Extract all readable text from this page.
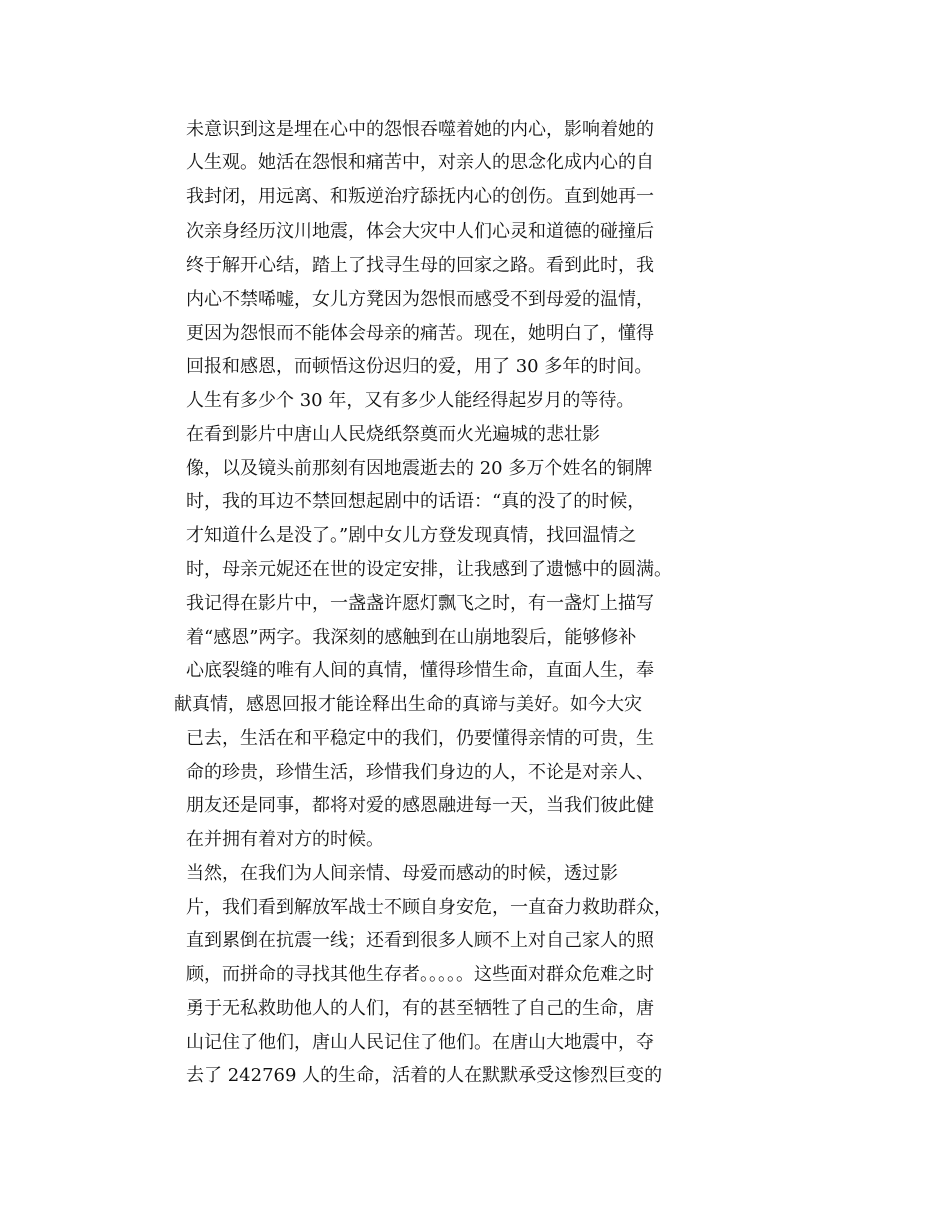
未意识到这是埋在心中的怨恨吞噬着她的内心，影响着她的
人生观。她活在怨恨和痛苦中，对亲人的思念化成内心的自
我封闭，用远离、和叛逆治疗舔抚内心的创伤。直到她再一
次亲身经历汶川地震，体会大灾中人们心灵和道德的碰撞后
终于解开心结，踏上了找寻生母的回家之路。看到此时，我
内心不禁唏嘘，女儿方凳因为怨恨而感受不到母爱的温情，
更因为怨恨而不能体会母亲的痛苦。现在，她明白了，懂得
回报和感恩，而顿悟这份迟归的爱，用了 30 多年的时间。
人生有多少个 30 年，又有多少人能经得起岁月的等待。
在看到影片中唐山人民烧纸祭奠而火光遍城的悲壮影
像，以及镜头前那刻有因地震逝去的 20 多万个姓名的铜牌
时，我的耳边不禁回想起剧中的话语：“真的没了的时候，
才知道什么是没了。”剧中女儿方登发现真情，找回温情之
时，母亲元妮还在世的设定安排，让我感到了遗憾中的圆满。
我记得在影片中，一盏盏许愿灯飘飞之时，有一盏灯上描写
着“感恩”两字。我深刻的感触到在山崩地裂后，能够修补
心底裂缝的唯有人间的真情，懂得珍惜生命，直面人生，奉
献真情，感恩回报才能诠释出生命的真谛与美好。如今大灾
已去，生活在和平稳定中的我们，仍要懂得亲情的可贵，生
命的珍贵，珍惜生活，珍惜我们身边的人，不论是对亲人、
朋友还是同事，都将对爱的感恩融进每一天，当我们彼此健
在并拥有着对方的时候。
当然，在我们为人间亲情、母爱而感动的时候，透过影
片，我们看到解放军战士不顾自身安危，一直奋力救助群众，
直到累倒在抗震一线；还看到很多人顾不上对自己家人的照
顾，而拼命的寻找其他生存者。。。。。这些面对群众危难之时
勇于无私救助他人的人们，有的甚至牺牲了自己的生命，唐
山记住了他们，唐山人民记住了他们。在唐山大地震中，夺
去了 242769 人的生命，活着的人在默默承受这惨烈巨变的
